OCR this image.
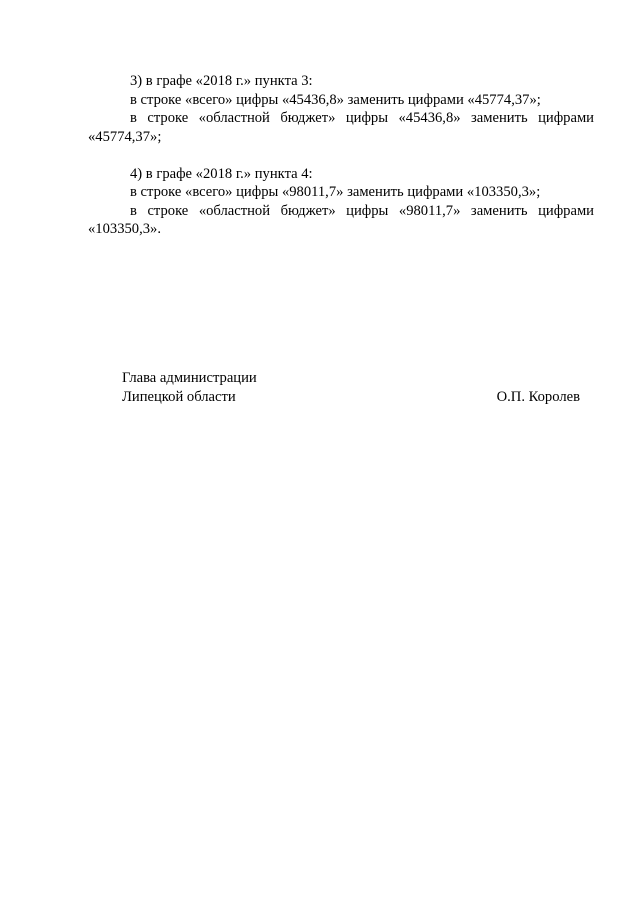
3) в графе «2018 г.» пункта 3:

в строке «всего» цифры «45436,8» заменить цифрами «45774,37»;

в строке «областной бюджет» цифры «45436,8» заменить цифрами «45774,37»;

4) в графе «2018 г.» пункта 4:

в строке «всего» цифры «98011,7» заменить цифрами «103350,3»;

в строке «областной бюджет» цифры «98011,7» заменить цифрами «103350,3».

Глава администрации
Липецкой области	О.П. Королев
